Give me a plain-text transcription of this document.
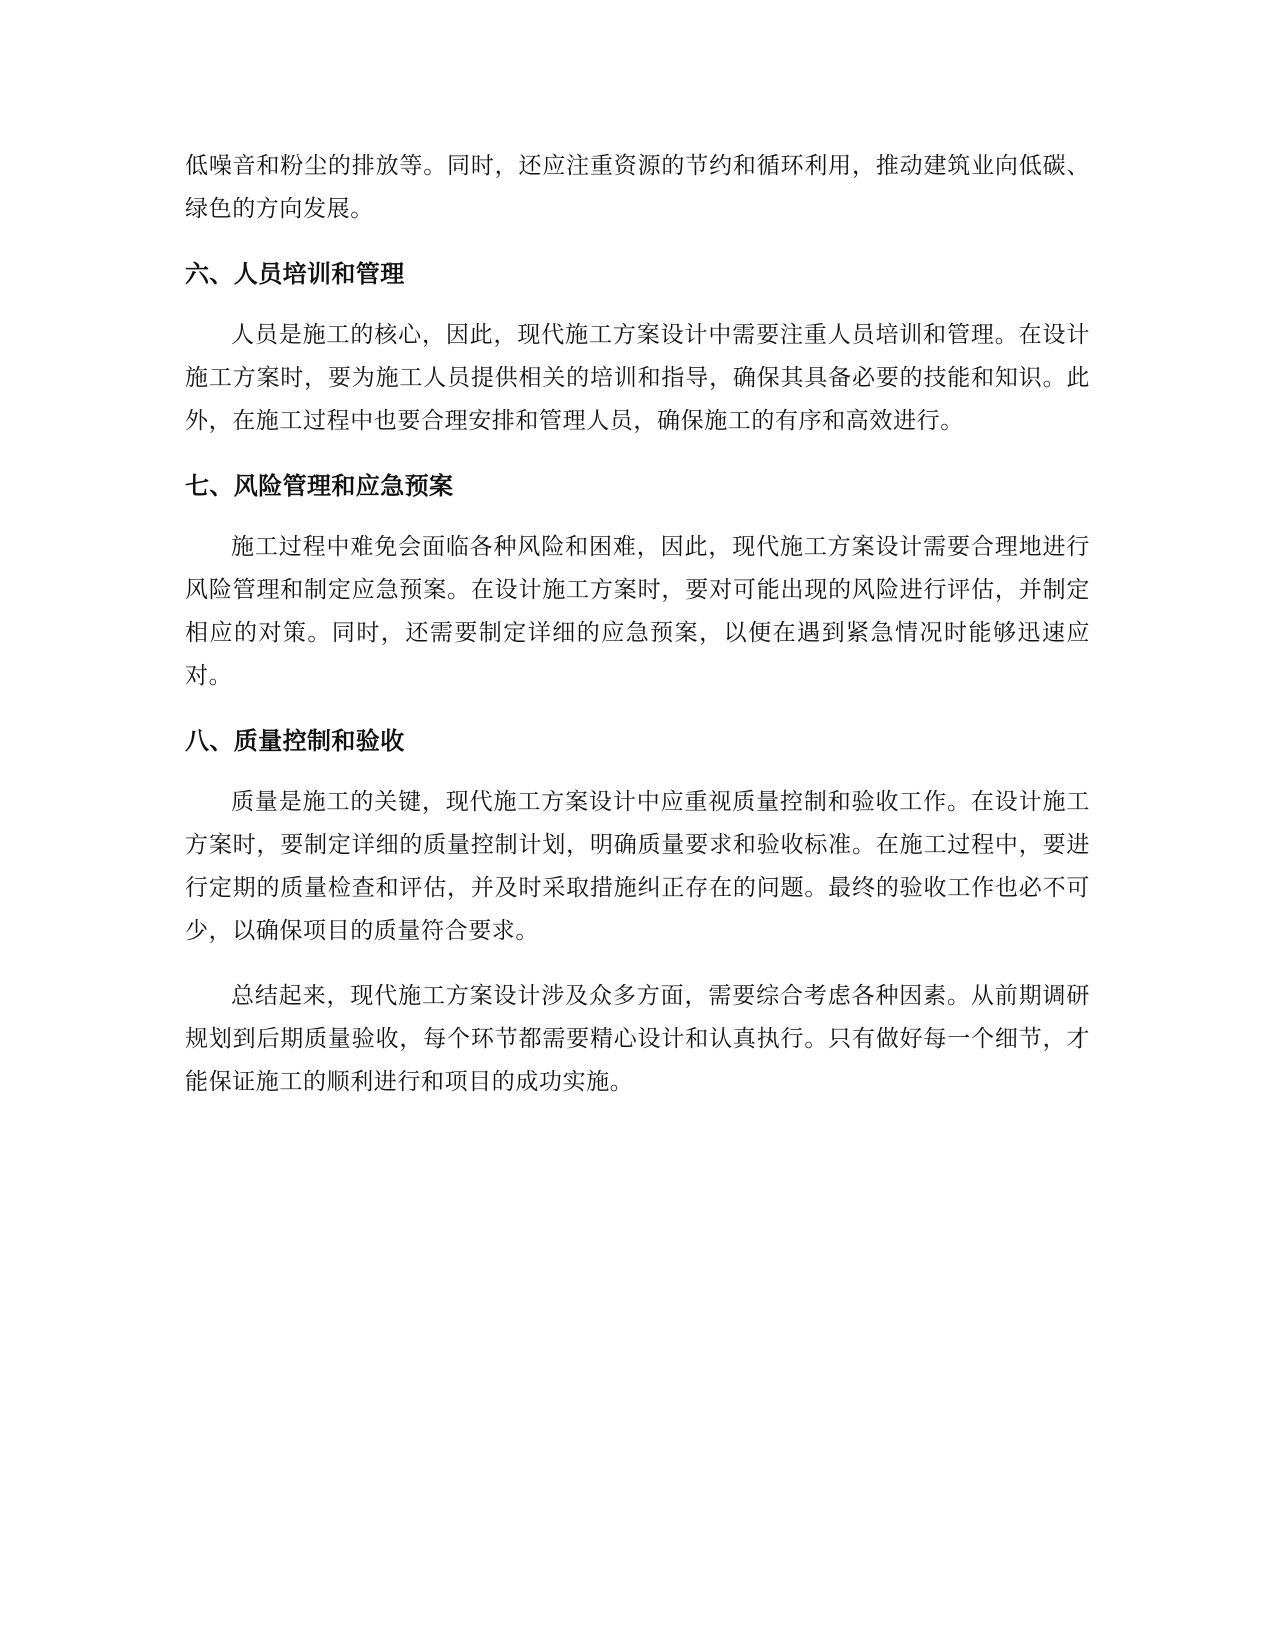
低噪音和粉尘的排放等。同时，还应注重资源的节约和循环利用，推动建筑业向低碳、绿色的方向发展。

六、人员培训和管理

人员是施工的核心，因此，现代施工方案设计中需要注重人员培训和管理。在设计施工方案时，要为施工人员提供相关的培训和指导，确保其具备必要的技能和知识。此外，在施工过程中也要合理安排和管理人员，确保施工的有序和高效进行。

七、风险管理和应急预案

施工过程中难免会面临各种风险和困难，因此，现代施工方案设计需要合理地进行风险管理和制定应急预案。在设计施工方案时，要对可能出现的风险进行评估，并制定相应的对策。同时，还需要制定详细的应急预案，以便在遇到紧急情况时能够迅速应对。

八、质量控制和验收

质量是施工的关键，现代施工方案设计中应重视质量控制和验收工作。在设计施工方案时，要制定详细的质量控制计划，明确质量要求和验收标准。在施工过程中，要进行定期的质量检查和评估，并及时采取措施纠正存在的问题。最终的验收工作也必不可少，以确保项目的质量符合要求。

总结起来，现代施工方案设计涉及众多方面，需要综合考虑各种因素。从前期调研规划到后期质量验收，每个环节都需要精心设计和认真执行。只有做好每一个细节，才能保证施工的顺利进行和项目的成功实施。
